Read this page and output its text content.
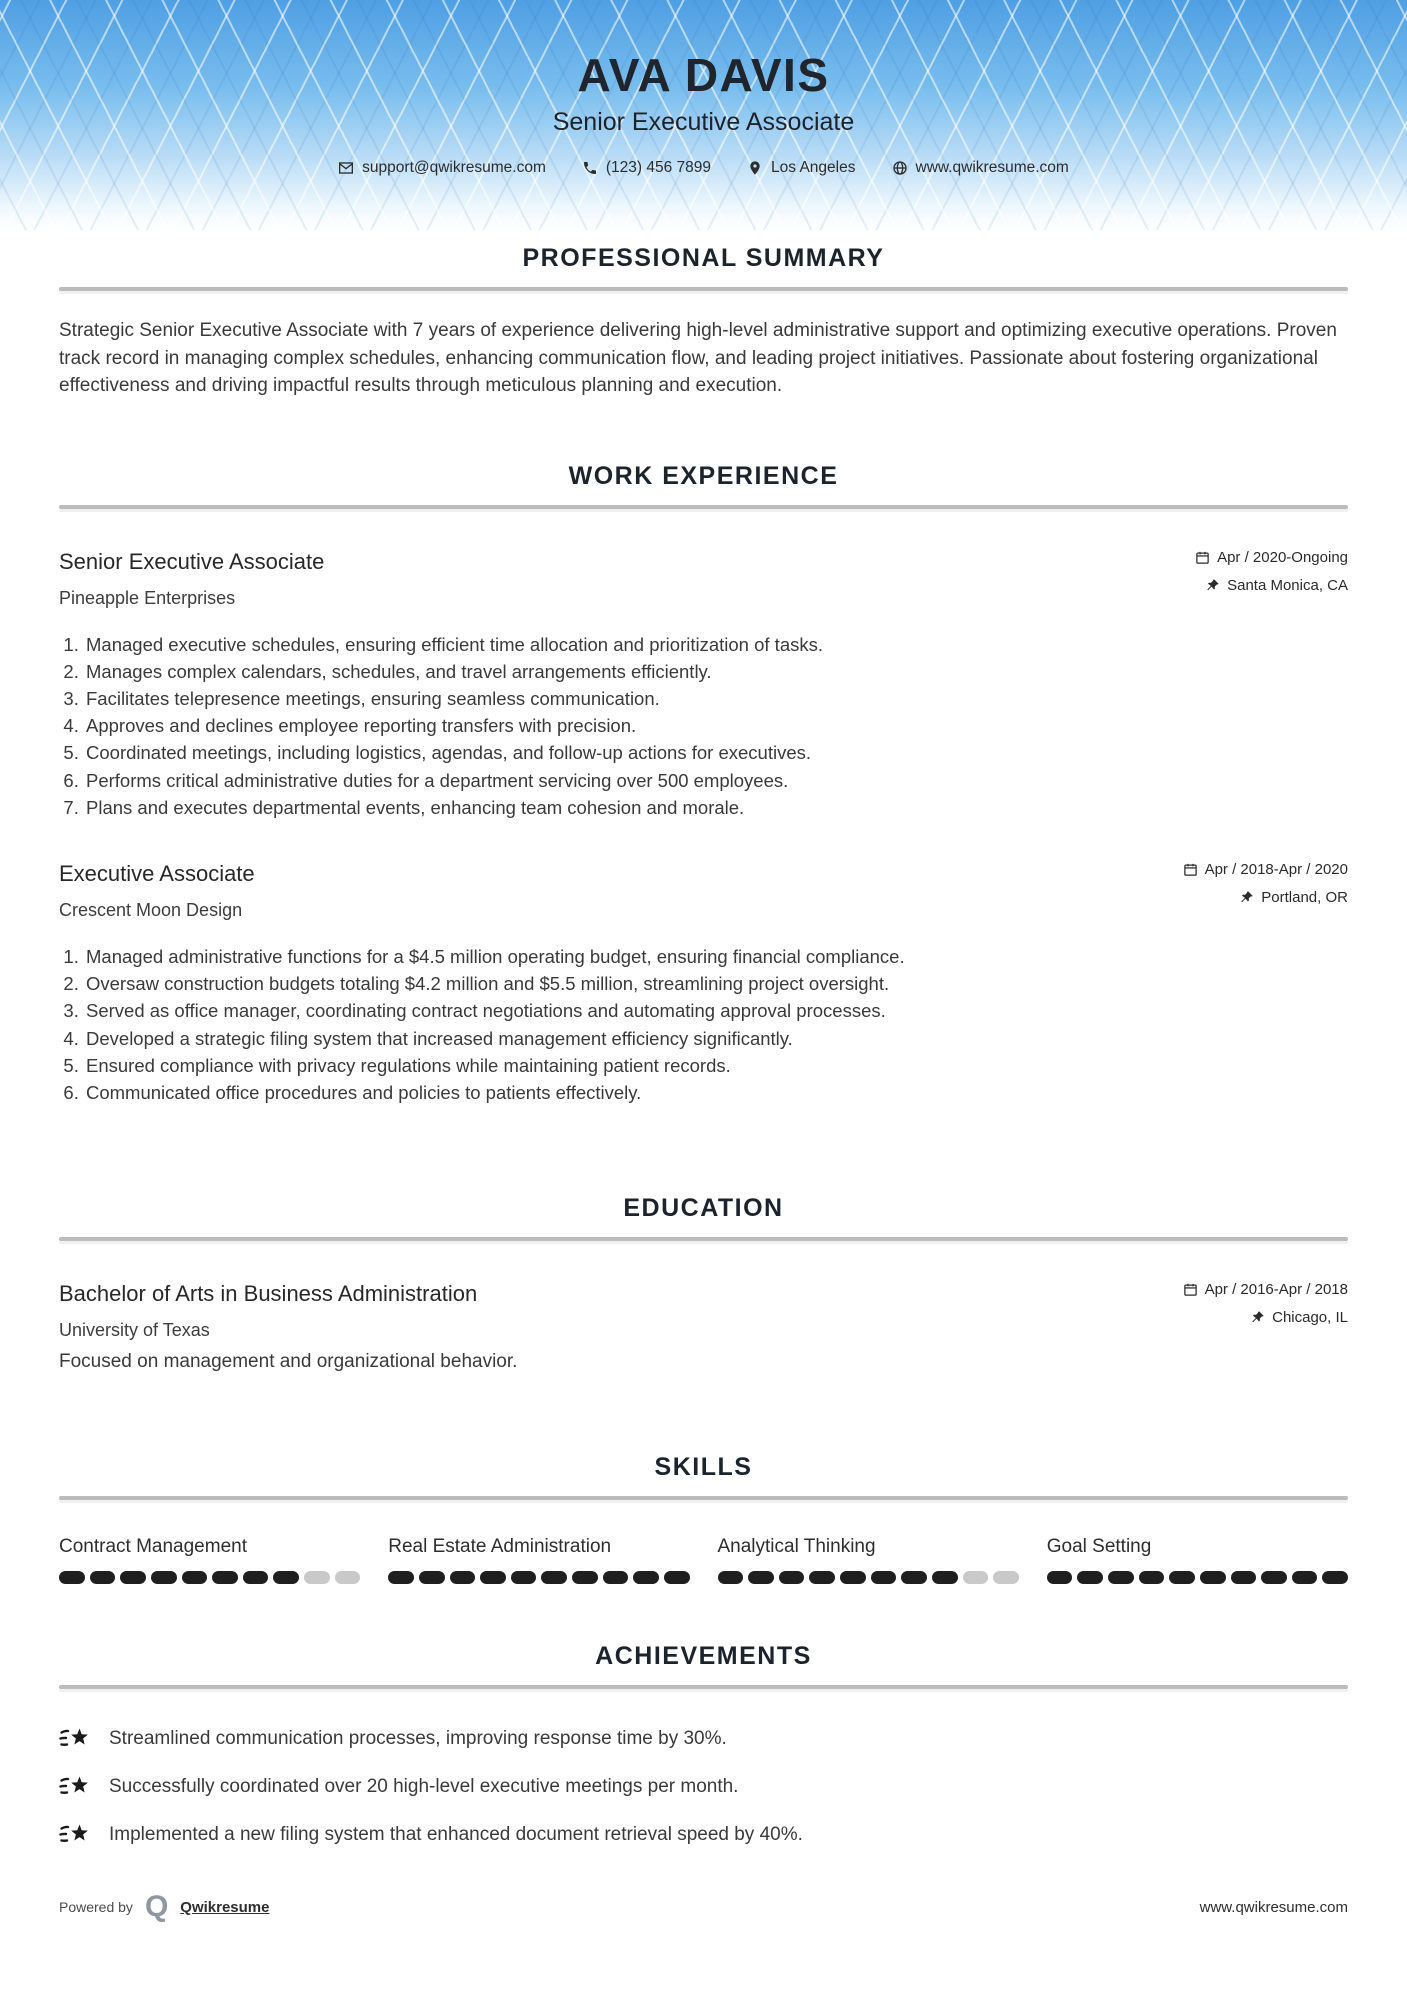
AVA DAVIS
Senior Executive Associate
support@qwikresume.com	(123) 456 7899	Los Angeles	www.qwikresume.com
PROFESSIONAL SUMMARY

Strategic Senior Executive Associate with 7 years of experience delivering high-level administrative support and optimizing executive operations. Proven track record in managing complex schedules, enhancing communication flow, and leading project initiatives. Passionate about fostering organizational effectiveness and driving impactful results through meticulous planning and execution.

WORK EXPERIENCE
Senior Executive Associate
Pineapple Enterprises
Apr / 2020-Ongoing
Santa Monica, CA
1. Managed executive schedules, ensuring efficient time allocation and prioritization of tasks.
2. Manages complex calendars, schedules, and travel arrangements efficiently.
3. Facilitates telepresence meetings, ensuring seamless communication.
4. Approves and declines employee reporting transfers with precision.
5. Coordinated meetings, including logistics, agendas, and follow-up actions for executives.
6. Performs critical administrative duties for a department servicing over 500 employees.
7. Plans and executes departmental events, enhancing team cohesion and morale.
Executive Associate
Crescent Moon Design
Apr / 2018-Apr / 2020
Portland, OR
1. Managed administrative functions for a $4.5 million operating budget, ensuring financial compliance.
2. Oversaw construction budgets totaling $4.2 million and $5.5 million, streamlining project oversight.
3. Served as office manager, coordinating contract negotiations and automating approval processes.
4. Developed a strategic filing system that increased management efficiency significantly.
5. Ensured compliance with privacy regulations while maintaining patient records.
6. Communicated office procedures and policies to patients effectively.
EDUCATION
Bachelor of Arts in Business Administration
University of Texas
Apr / 2016-Apr / 2018
Chicago, IL
Focused on management and organizational behavior.
SKILLS
Contract Management	Real Estate Administration	Analytical Thinking	Goal Setting
ACHIEVEMENTS
Streamlined communication processes, improving response time by 30%.
Successfully coordinated over 20 high-level executive meetings per month.
Implemented a new filing system that enhanced document retrieval speed by 40%.
Powered by Q Qwikresume	www.qwikresume.com
